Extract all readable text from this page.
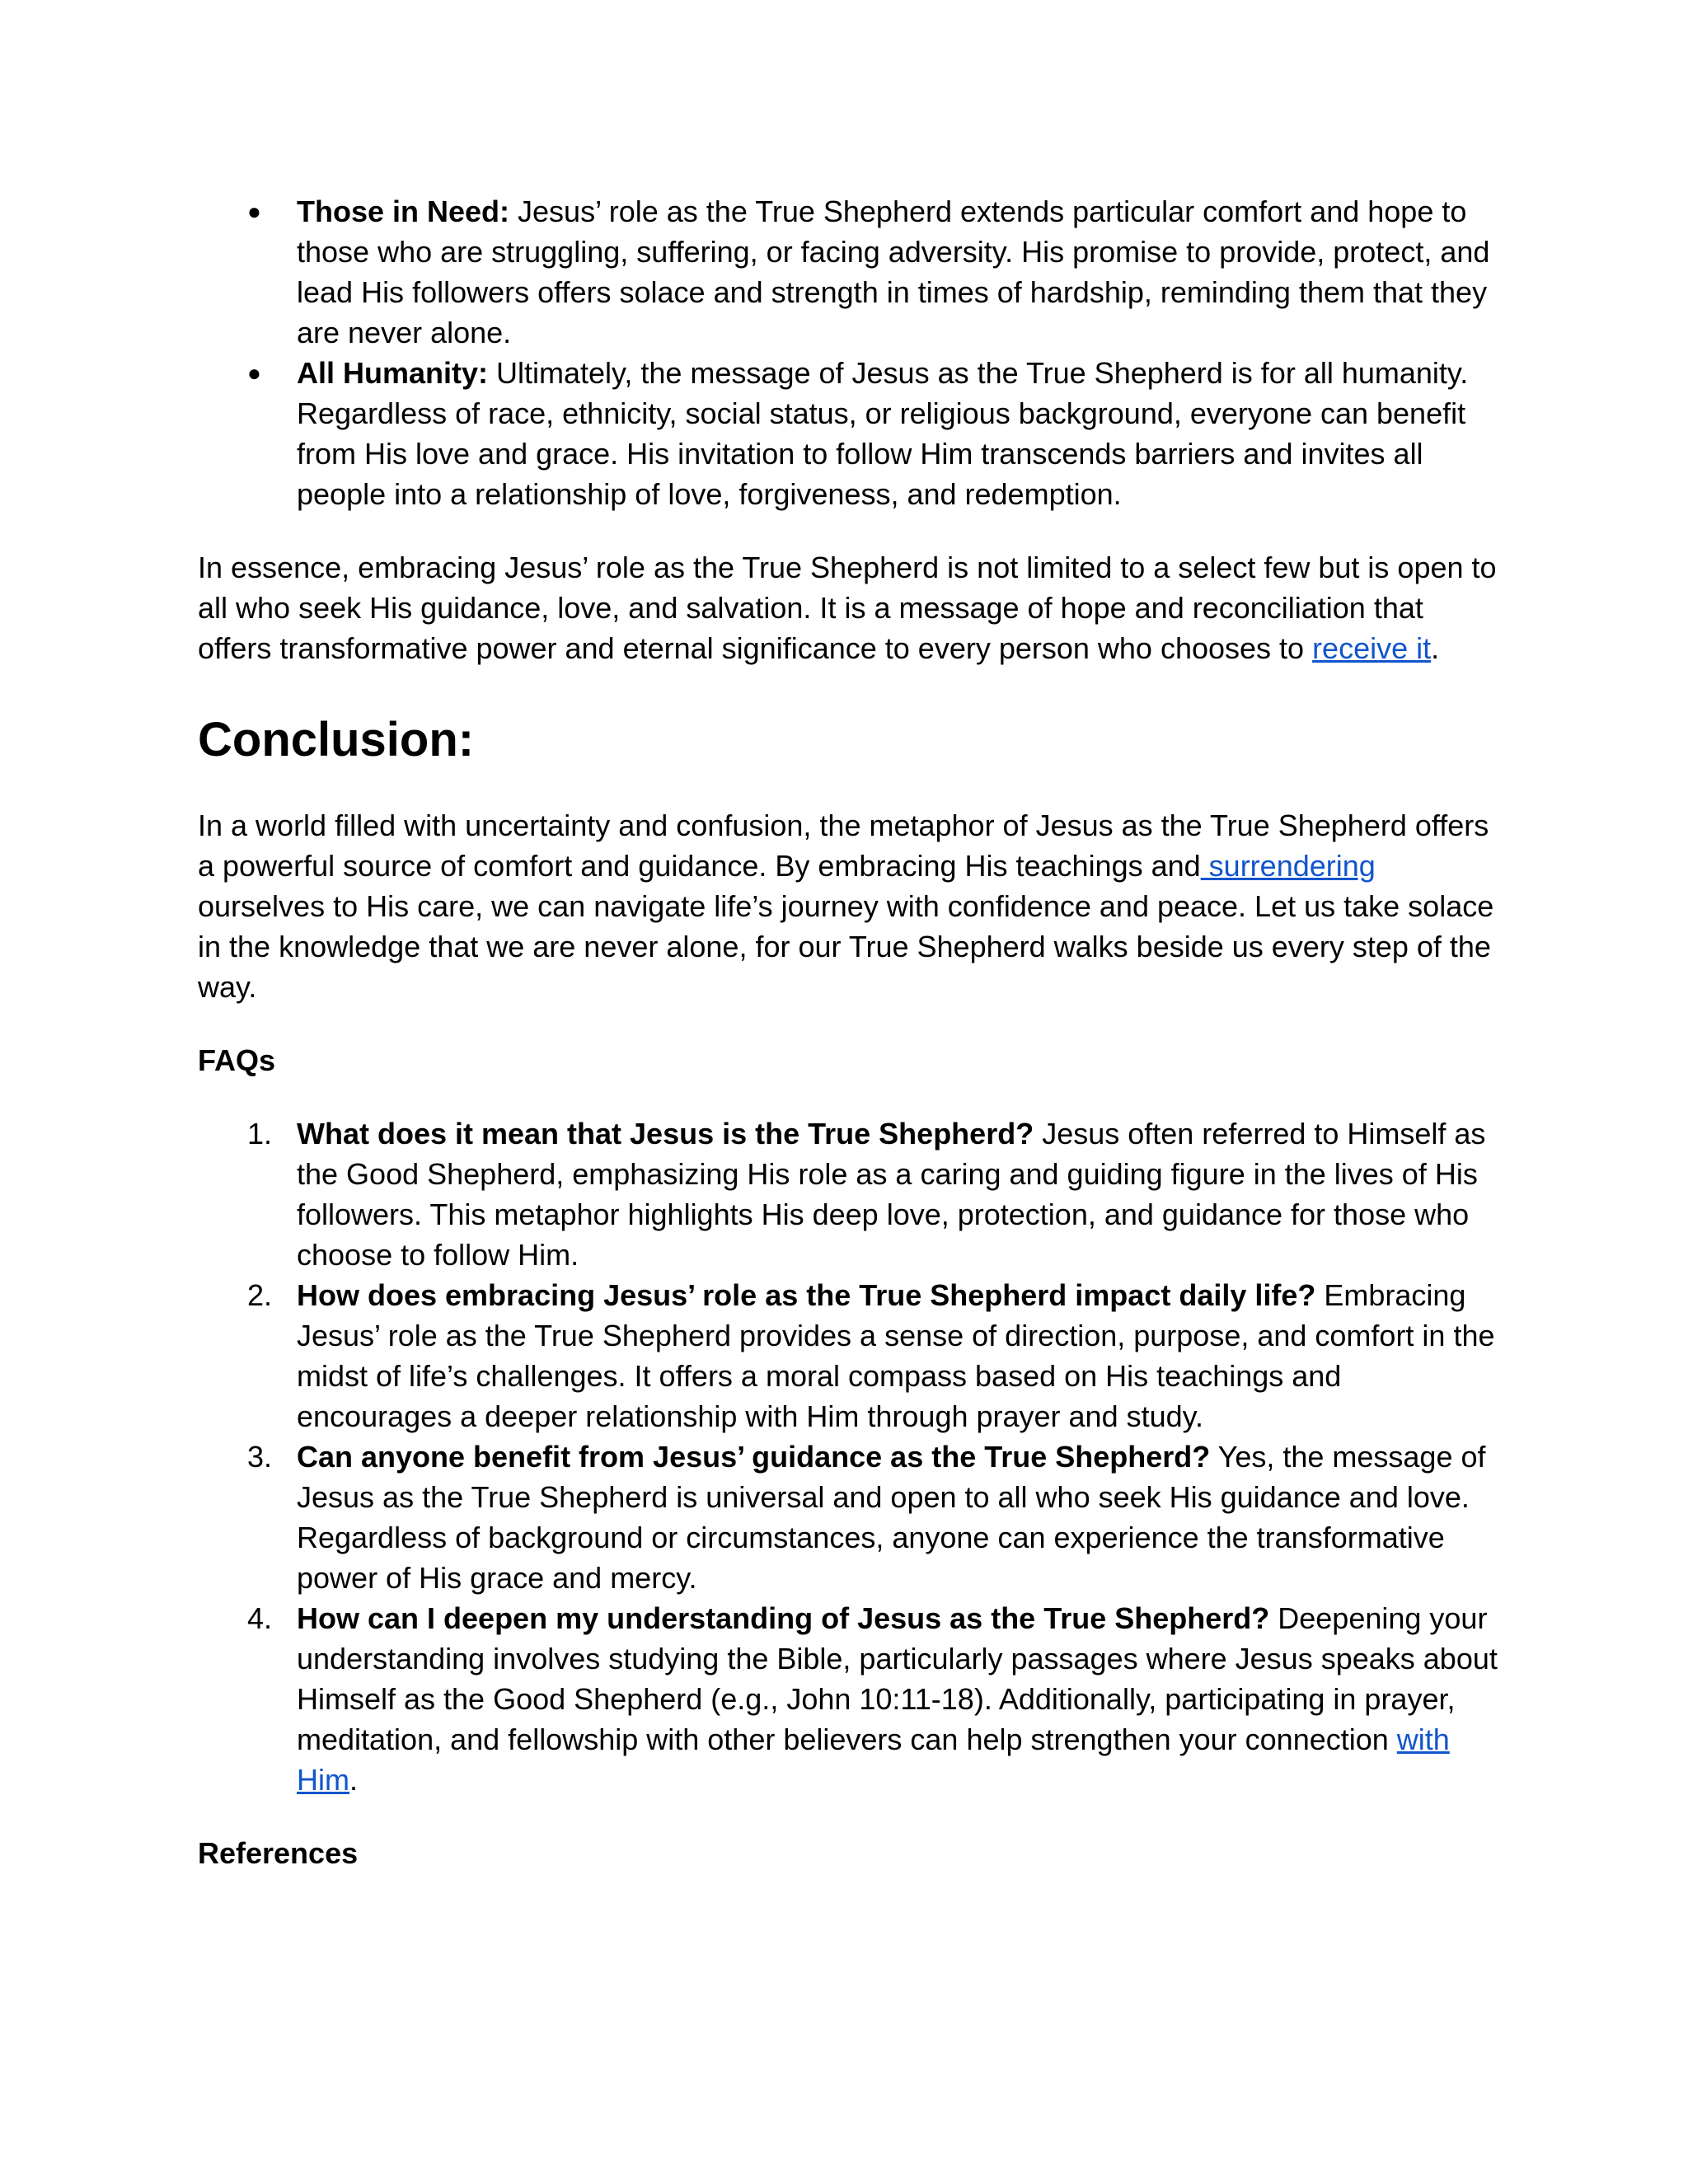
● Those in Need: Jesus’ role as the True Shepherd extends particular comfort and hope to those who are struggling, suffering, or facing adversity. His promise to provide, protect, and lead His followers offers solace and strength in times of hardship, reminding them that they are never alone.
● All Humanity: Ultimately, the message of Jesus as the True Shepherd is for all humanity. Regardless of race, ethnicity, social status, or religious background, everyone can benefit from His love and grace. His invitation to follow Him transcends barriers and invites all people into a relationship of love, forgiveness, and redemption.

In essence, embracing Jesus’ role as the True Shepherd is not limited to a select few but is open to all who seek His guidance, love, and salvation. It is a message of hope and reconciliation that offers transformative power and eternal significance to every person who chooses to receive it.

Conclusion:

In a world filled with uncertainty and confusion, the metaphor of Jesus as the True Shepherd offers a powerful source of comfort and guidance. By embracing His teachings and surrendering ourselves to His care, we can navigate life’s journey with confidence and peace. Let us take solace in the knowledge that we are never alone, for our True Shepherd walks beside us every step of the way.

FAQs

1. What does it mean that Jesus is the True Shepherd? Jesus often referred to Himself as the Good Shepherd, emphasizing His role as a caring and guiding figure in the lives of His followers. This metaphor highlights His deep love, protection, and guidance for those who choose to follow Him.
2. How does embracing Jesus’ role as the True Shepherd impact daily life? Embracing Jesus’ role as the True Shepherd provides a sense of direction, purpose, and comfort in the midst of life’s challenges. It offers a moral compass based on His teachings and encourages a deeper relationship with Him through prayer and study.
3. Can anyone benefit from Jesus’ guidance as the True Shepherd? Yes, the message of Jesus as the True Shepherd is universal and open to all who seek His guidance and love. Regardless of background or circumstances, anyone can experience the transformative power of His grace and mercy.
4. How can I deepen my understanding of Jesus as the True Shepherd? Deepening your understanding involves studying the Bible, particularly passages where Jesus speaks about Himself as the Good Shepherd (e.g., John 10:11-18). Additionally, participating in prayer, meditation, and fellowship with other believers can help strengthen your connection with Him.

References
